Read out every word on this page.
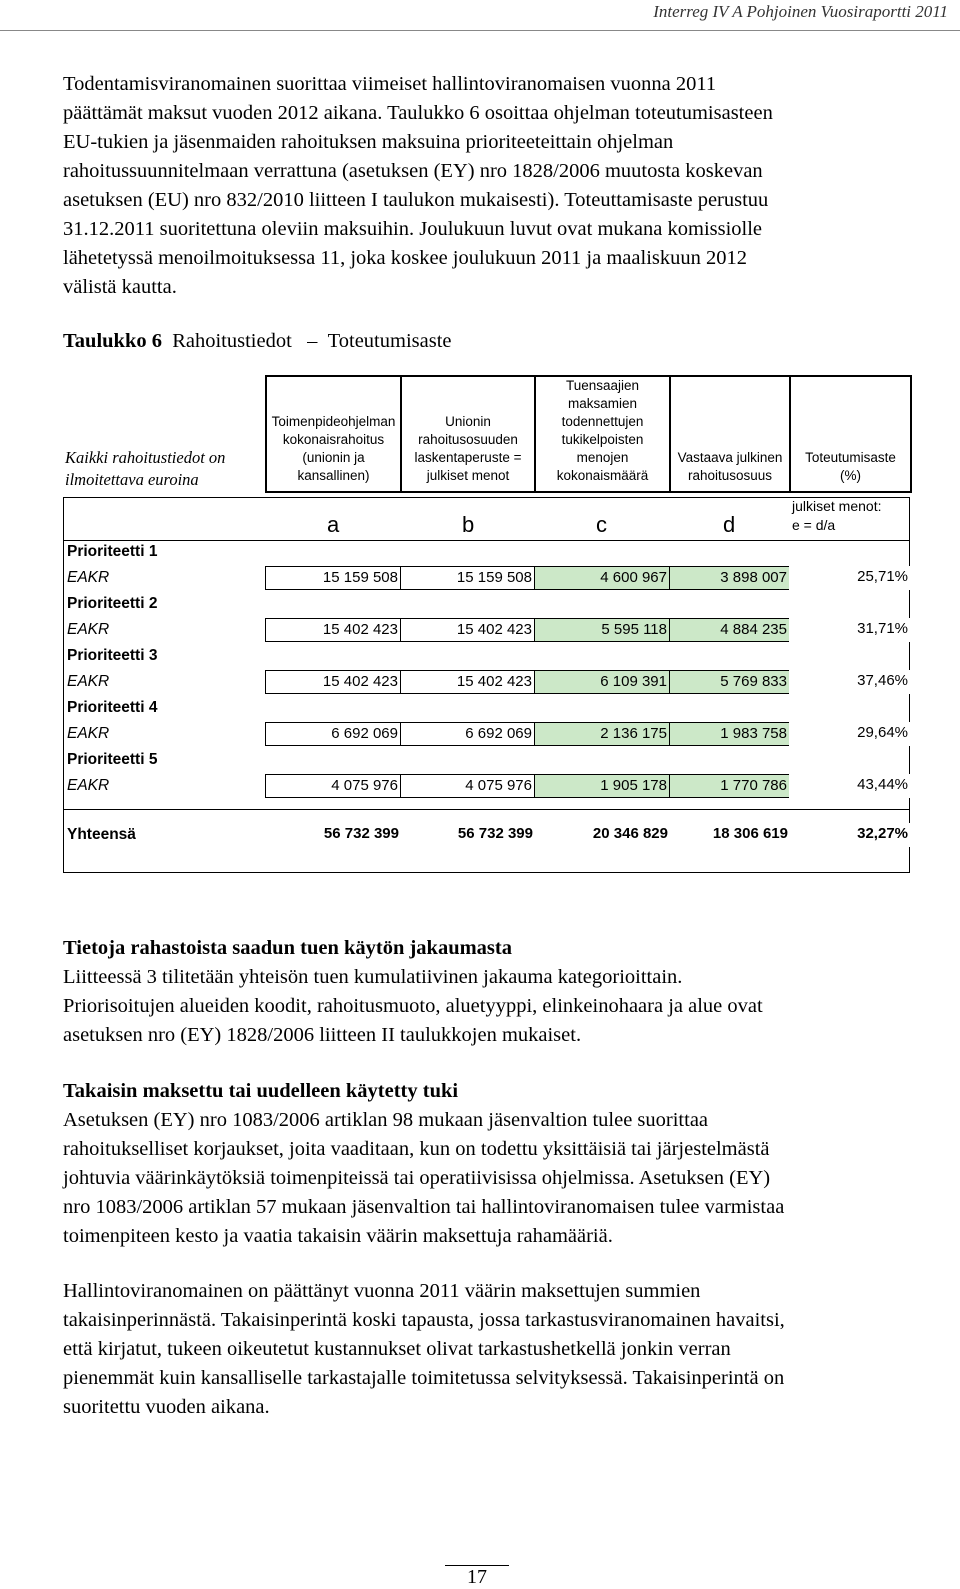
Interreg IV A Pohjoinen Vuosiraportti 2011
Todentamisviranomainen suorittaa viimeiset hallintoviranomaisen vuonna 2011
päättämät maksut vuoden 2012 aikana. Taulukko 6 osoittaa ohjelman toteutumisasteen
EU-tukien ja jäsenmaiden rahoituksen maksuina prioriteeteittain ohjelman
rahoitussuunnitelmaan verrattuna (asetuksen (EY) nro 1828/2006 muutosta koskevan
asetuksen (EU) nro 832/2010 liitteen I taulukon mukaisesti). Toteuttamisaste perustuu
31.12.2011 suoritettuna oleviin maksuihin. Joulukuun luvut ovat mukana komissiolle
lähetetyssä menoilmoituksessa 11, joka koskee joulukuun 2011 ja maaliskuun 2012
välistä kautta.
Taulukko 6 Rahoitustiedot – Toteutumisaste
Kaikki rahoitustiedot on ilmoitettava euroina
Toimenpideohjelman kokonaisrahoitus (unionin ja kansallinen)
Unionin rahoitusosuuden laskentaperuste = julkiset menot
Tuensaajien maksamien todennettujen tukikelpoisten menojen kokonaismäärä
Vastaava julkinen rahoitusosuus
Toteutumisaste (%)
a	b	c	d
julkiset menot:
e = d/a
Prioriteetti 1
EAKR	15 159 508	15 159 508	4 600 967	3 898 007	25,71%
Prioriteetti 2
EAKR	15 402 423	15 402 423	5 595 118	4 884 235	31,71%
Prioriteetti 3
EAKR	15 402 423	15 402 423	6 109 391	5 769 833	37,46%
Prioriteetti 4
EAKR	6 692 069	6 692 069	2 136 175	1 983 758	29,64%
Prioriteetti 5
EAKR	4 075 976	4 075 976	1 905 178	1 770 786	43,44%
Yhteensä	56 732 399	56 732 399	20 346 829	18 306 619	32,27%
Tietoja rahastoista saadun tuen käytön jakaumasta
Liitteessä 3 tilitetään yhteisön tuen kumulatiivinen jakauma kategorioittain.
Priorisoitujen alueiden koodit, rahoitusmuoto, aluetyyppi, elinkeinohaara ja alue ovat
asetuksen nro (EY) 1828/2006 liitteen II taulukkojen mukaiset.
Takaisin maksettu tai uudelleen käytetty tuki
Asetuksen (EY) nro 1083/2006 artiklan 98 mukaan jäsenvaltion tulee suorittaa
rahoitukselliset korjaukset, joita vaaditaan, kun on todettu yksittäisiä tai järjestelmästä
johtuvia väärinkäytöksiä toimenpiteissä tai operatiivisissa ohjelmissa. Asetuksen (EY)
nro 1083/2006 artiklan 57 mukaan jäsenvaltion tai hallintoviranomaisen tulee varmistaa
toimenpiteen kesto ja vaatia takaisin väärin maksettuja rahamääriä.
Hallintoviranomainen on päättänyt vuonna 2011 väärin maksettujen summien
takaisinperinnästä. Takaisinperintä koski tapausta, jossa tarkastusviranomainen havaitsi,
että kirjatut, tukeen oikeutetut kustannukset olivat tarkastushetkellä jonkin verran
pienemmät kuin kansalliselle tarkastajalle toimitetussa selvityksessä. Takaisinperintä on
suoritettu vuoden aikana.
17
